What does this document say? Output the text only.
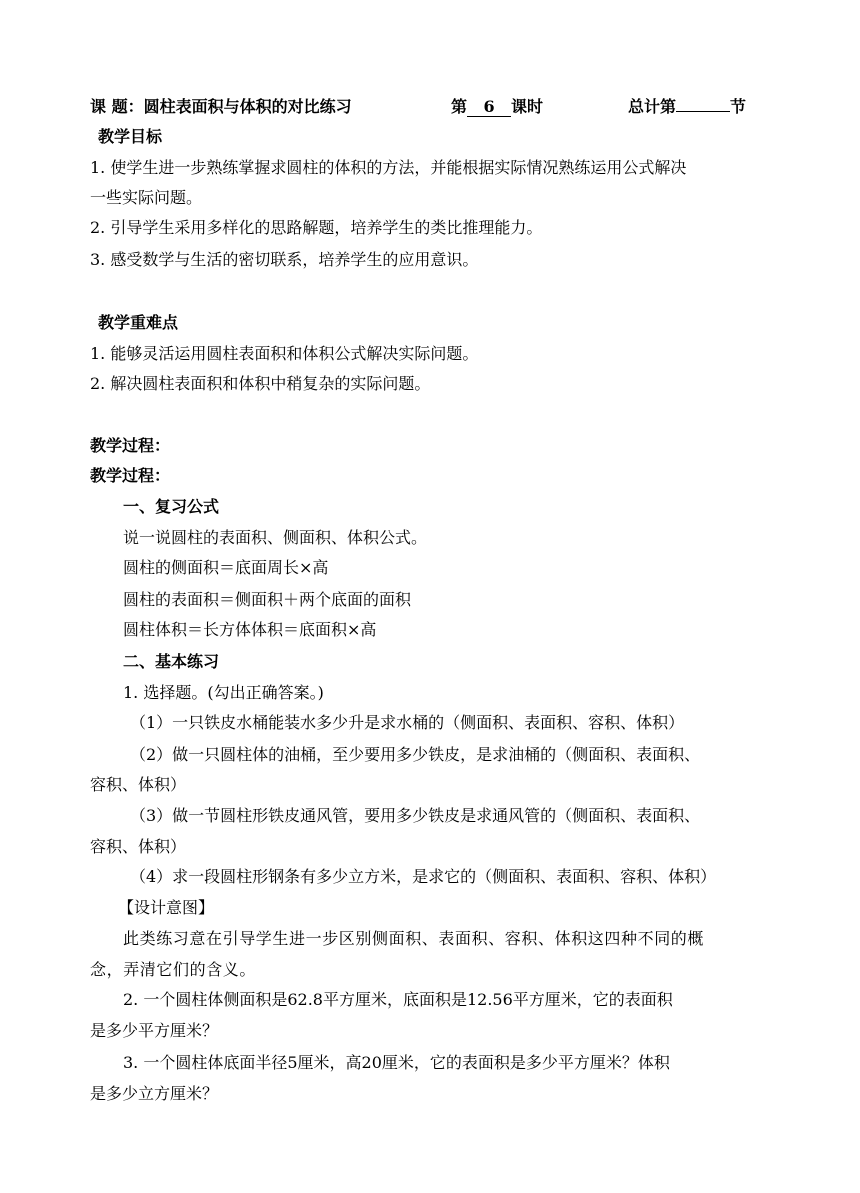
课 题：圆柱表面积与体积的对比练习	第 6 课时	总计第	节
教学目标
1. 使学生进一步熟练掌握求圆柱的体积的方法，并能根据实际情况熟练运用公式解决
一些实际问题。
2. 引导学生采用多样化的思路解题，培养学生的类比推理能力。
3. 感受数学与生活的密切联系，培养学生的应用意识。
教学重难点
1. 能够灵活运用圆柱表面积和体积公式解决实际问题。
2. 解决圆柱表面积和体积中稍复杂的实际问题。
教学过程：
教学过程：
一、复习公式
说一说圆柱的表面积、侧面积、体积公式。
圆柱的侧面积＝底面周长×高
圆柱的表面积＝侧面积＋两个底面的面积
圆柱体积＝长方体体积＝底面积×高
二、基本练习
1. 选择题。(勾出正确答案。)
（1）一只铁皮水桶能装水多少升是求水桶的（侧面积、表面积、容积、体积）
（2）做一只圆柱体的油桶，至少要用多少铁皮，是求油桶的（侧面积、表面积、
容积、体积）
（3）做一节圆柱形铁皮通风管，要用多少铁皮是求通风管的（侧面积、表面积、
容积、体积）
（4）求一段圆柱形钢条有多少立方米，是求它的（侧面积、表面积、容积、体积）
【设计意图】
此类练习意在引导学生进一步区别侧面积、表面积、容积、体积这四种不同的概
念，弄清它们的含义。
2. 一个圆柱体侧面积是62.8平方厘米，底面积是12.56平方厘米，它的表面积
是多少平方厘米？
3. 一个圆柱体底面半径5厘米，高20厘米，它的表面积是多少平方厘米？体积
是多少立方厘米？
